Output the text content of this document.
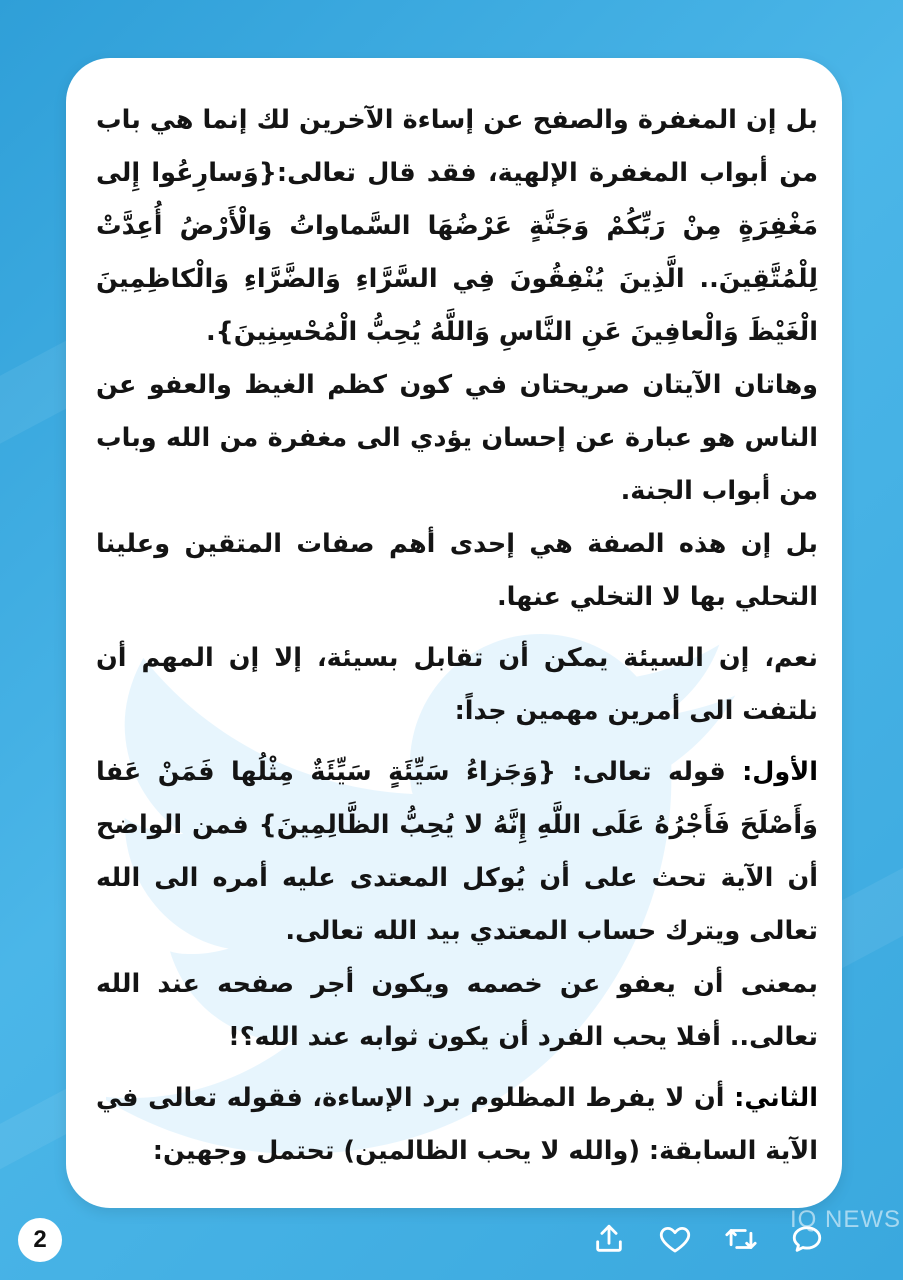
بل إن المغفرة والصفح عن إساءة الآخرين لك إنما هي باب من أبواب المغفرة الإلهية، فقد قال تعالى:{وَسارِعُوا إِلى مَغْفِرَةٍ مِنْ رَبِّكُمْ وَجَنَّةٍ عَرْضُهَا السَّماواتُ وَالْأَرْضُ أُعِدَّتْ لِلْمُتَّقِينَ.. الَّذِينَ يُنْفِقُونَ فِي السَّرَّاءِ وَالضَّرَّاءِ وَالْكاظِمِينَ الْغَيْظَ وَالْعافِينَ عَنِ النَّاسِ وَاللَّهُ يُحِبُّ الْمُحْسِنِينَ}.

وهاتان الآيتان صريحتان في كون كظم الغيظ والعفو عن الناس هو عبارة عن إحسان يؤدي الى مغفرة من الله وباب من أبواب الجنة.

بل إن هذه الصفة هي إحدى أهم صفات المتقين وعلينا التحلي بها لا التخلي عنها.

نعم، إن السيئة يمكن أن تقابل بسيئة، إلا إن المهم أن نلتفت الى أمرين مهمين جداً:

الأول: قوله تعالى: {وَجَزاءُ سَيِّئَةٍ سَيِّئَةٌ مِثْلُها فَمَنْ عَفا وَأَصْلَحَ فَأَجْرُهُ عَلَى اللَّهِ إِنَّهُ لا يُحِبُّ الظَّالِمِينَ} فمن الواضح أن الآية تحث على أن يُوكل المعتدى عليه أمره الى الله تعالى ويترك حساب المعتدي بيد الله تعالى.

بمعنى أن يعفو عن خصمه ويكون أجر صفحه عند الله تعالى.. أفلا يحب الفرد أن يكون ثوابه عند الله؟!

الثاني: أن لا يفرط المظلوم برد الإساءة، فقوله تعالى في الآية السابقة: (والله لا يحب الظالمين) تحتمل وجهين:

2
IQ NEWS
